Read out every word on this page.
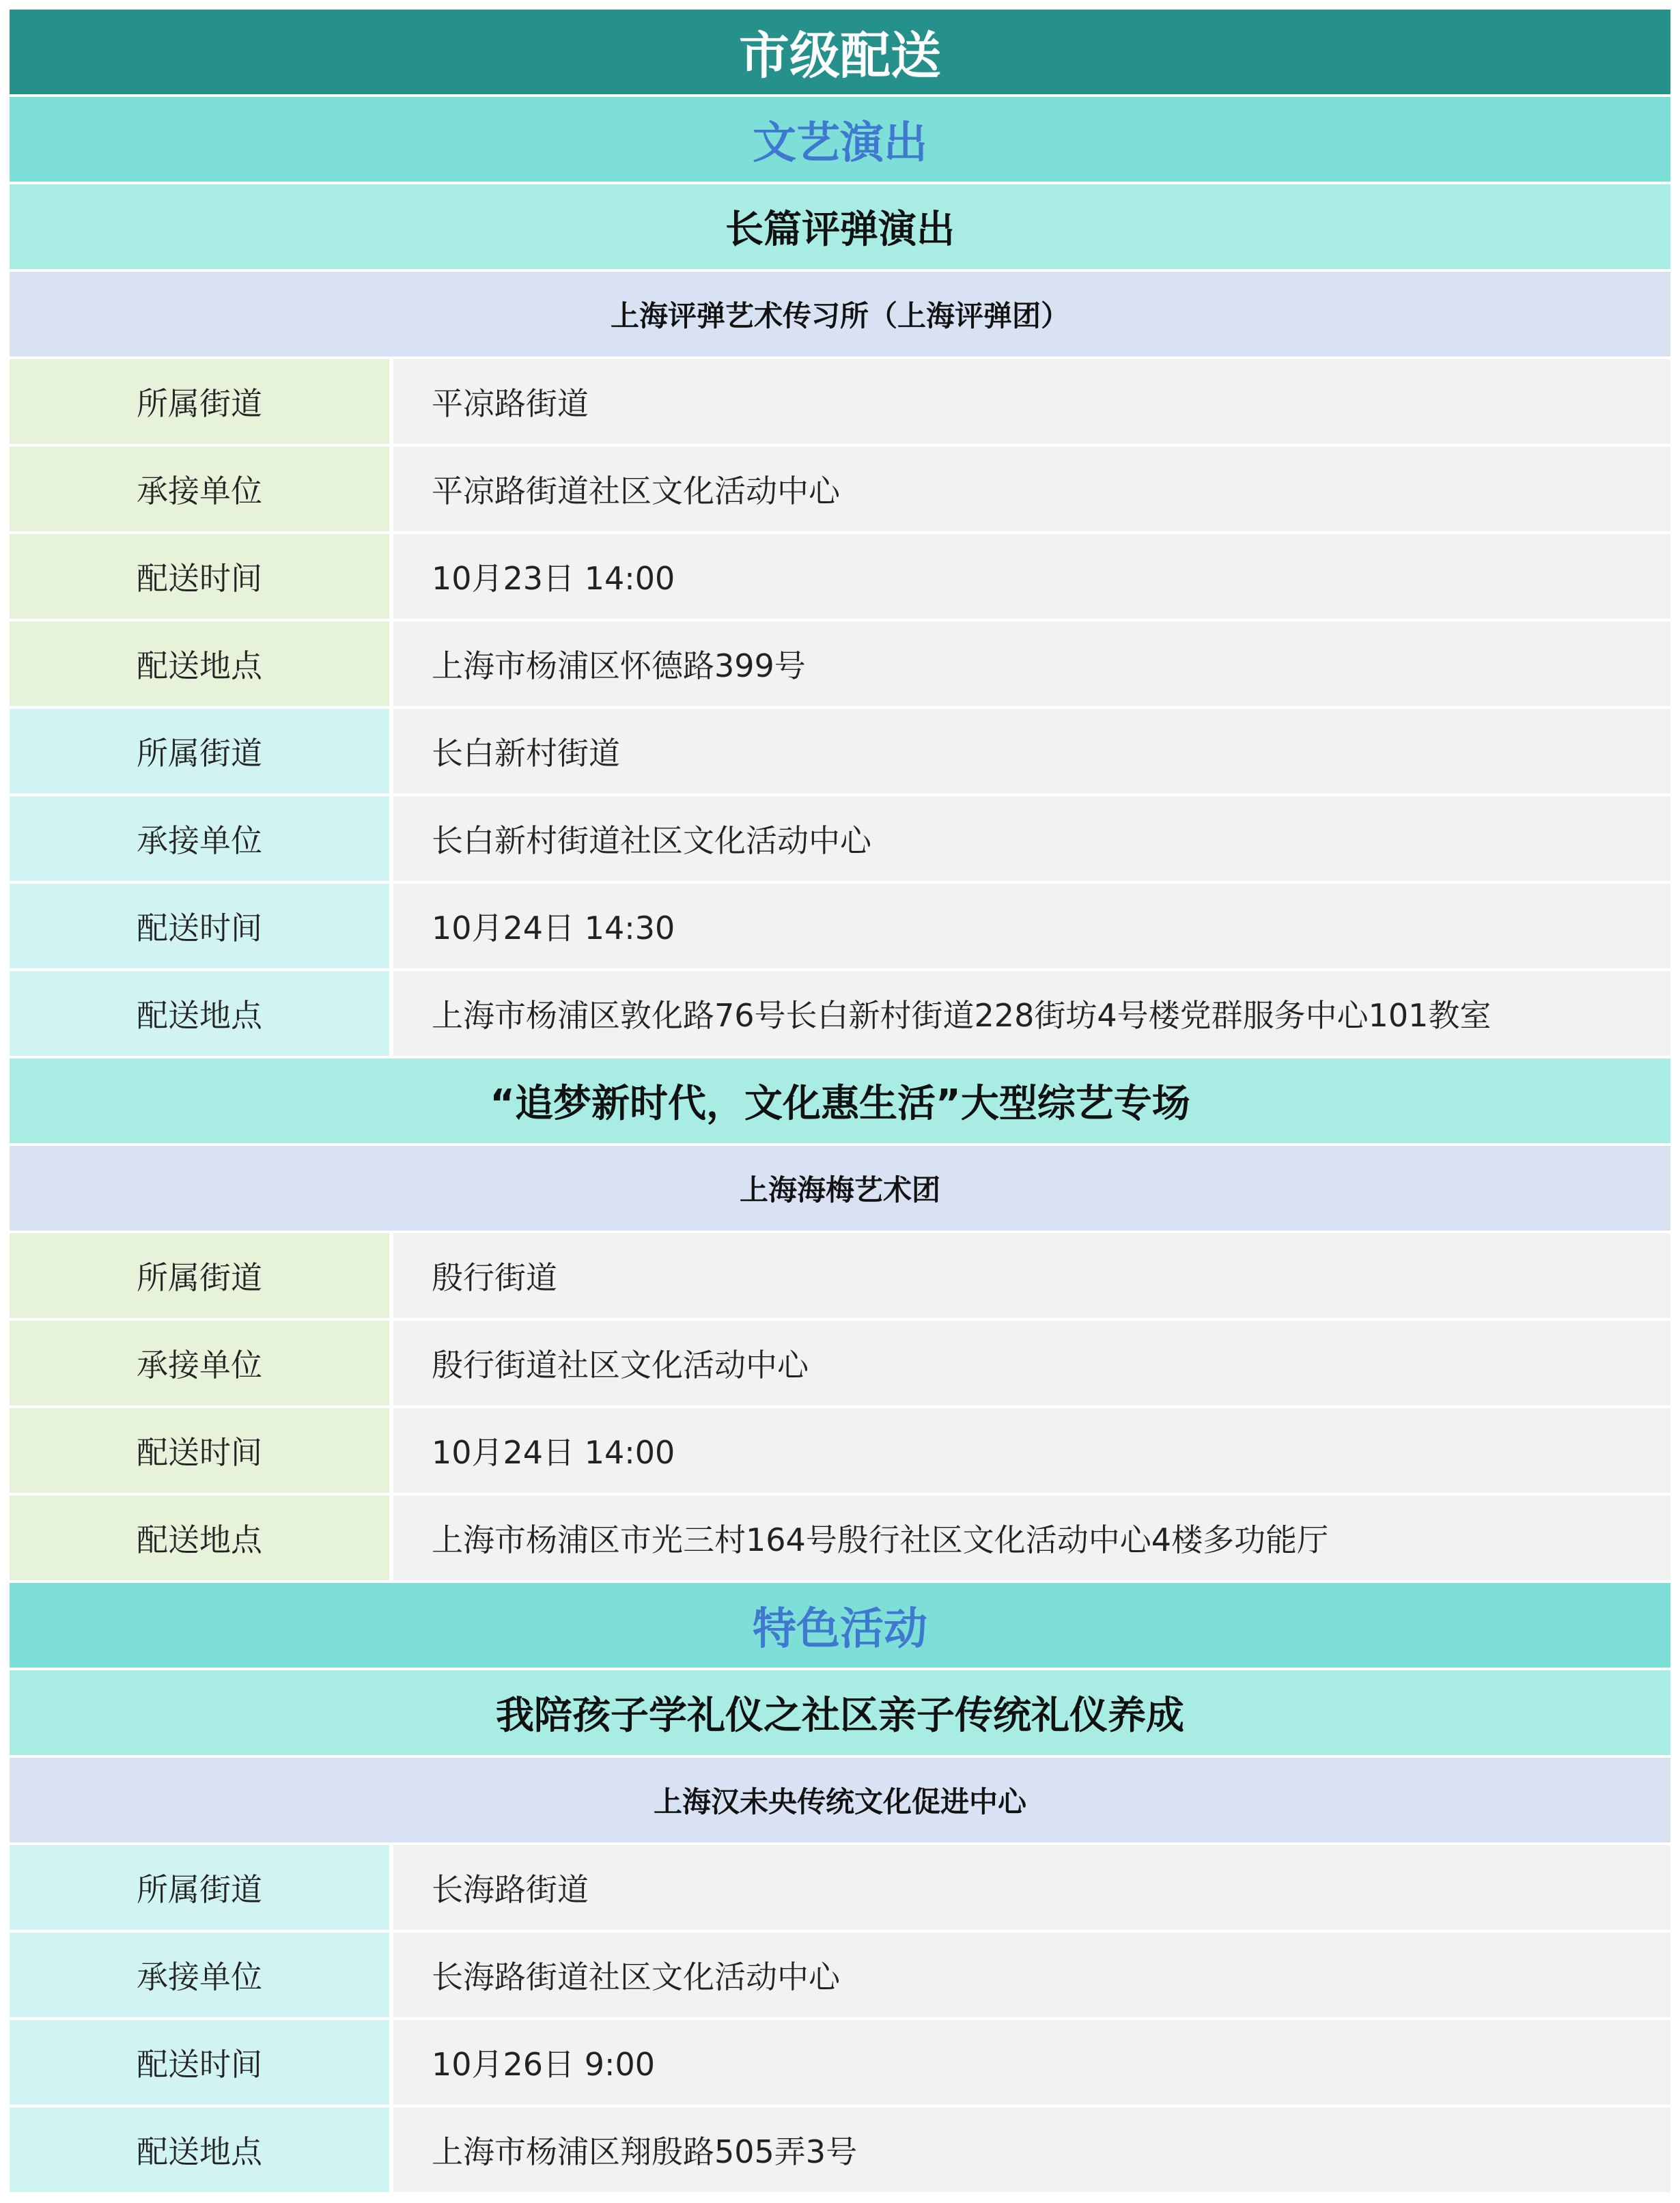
市级配送
文艺演出
长篇评弹演出
上海评弹艺术传习所（上海评弹团）
所属街道	平凉路街道
承接单位	平凉路街道社区文化活动中心
配送时间	10月23日 14:00
配送地点	上海市杨浦区怀德路399号
所属街道	长白新村街道
承接单位	长白新村街道社区文化活动中心
配送时间	10月24日 14:30
配送地点	上海市杨浦区敦化路76号长白新村街道228街坊4号楼党群服务中心101教室
“追梦新时代，文化惠生活”大型综艺专场
上海海梅艺术团
所属街道	殷行街道
承接单位	殷行街道社区文化活动中心
配送时间	10月24日 14:00
配送地点	上海市杨浦区市光三村164号殷行社区文化活动中心4楼多功能厅
特色活动
我陪孩子学礼仪之社区亲子传统礼仪养成
上海汉未央传统文化促进中心
所属街道	长海路街道
承接单位	长海路街道社区文化活动中心
配送时间	10月26日 9:00
配送地点	上海市杨浦区翔殷路505弄3号
